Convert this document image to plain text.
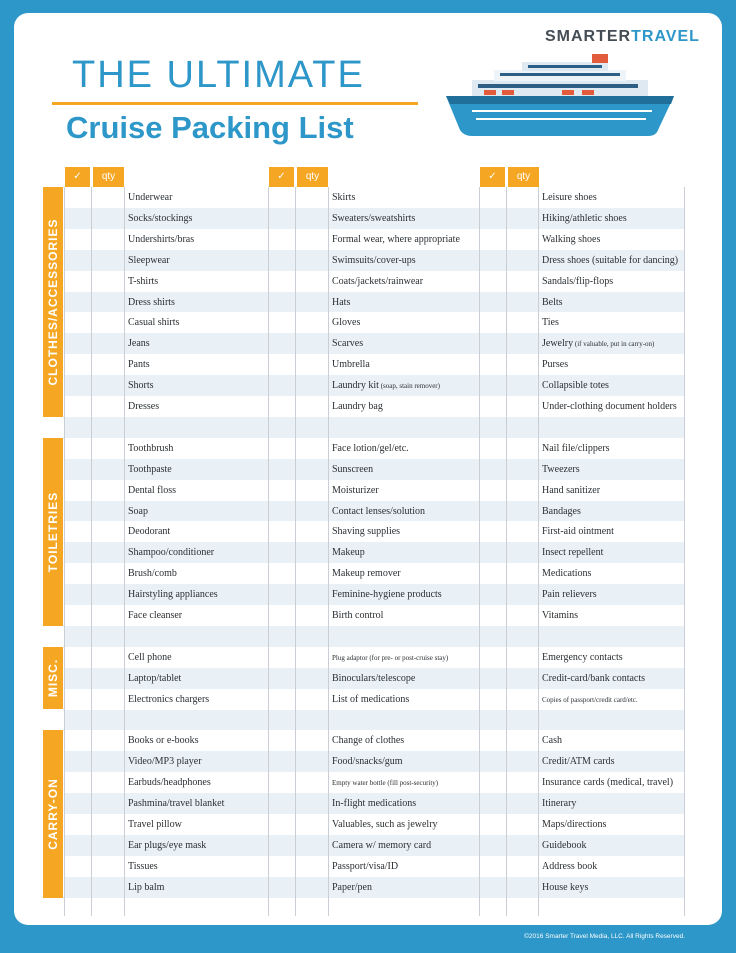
SMARTERTRAVEL
THE ULTIMATE
Cruise Packing List
✓	qty	✓	qty	✓	qty
Underwear	Skirts	Leisure shoes
Socks/stockings	Sweaters/sweatshirts	Hiking/athletic shoes
Undershirts/bras	Formal wear, where appropriate	Walking shoes
Sleepwear	Swimsuits/cover-ups	Dress shoes (suitable for dancing)
T-shirts	Coats/jackets/rainwear	Sandals/flip-flops
Dress shirts	Hats	Belts
Casual shirts	Gloves	Ties
Jeans	Scarves	Jewelry (if valuable, put in carry-on)
Pants	Umbrella	Purses
Shorts	Laundry kit (soap, stain remover)	Collapsible totes
Dresses	Laundry bag	Under-clothing document holders
Toothbrush	Face lotion/gel/etc.	Nail file/clippers
Toothpaste	Sunscreen	Tweezers
Dental floss	Moisturizer	Hand sanitizer
Soap	Contact lenses/solution	Bandages
Deodorant	Shaving supplies	First-aid ointment
Shampoo/conditioner	Makeup	Insect repellent
Brush/comb	Makeup remover	Medications
Hairstyling appliances	Feminine-hygiene products	Pain relievers
Face cleanser	Birth control	Vitamins
Cell phone	Plug adaptor (for pre- or post-cruise stay)	Emergency contacts
Laptop/tablet	Binoculars/telescope	Credit-card/bank contacts
Electronics chargers	List of medications	Copies of passport/credit card/etc.
Books or e-books	Change of clothes	Cash
Video/MP3 player	Food/snacks/gum	Credit/ATM cards
Earbuds/headphones	Empty water bottle (fill post-security)	Insurance cards (medical, travel)
Pashmina/travel blanket	In-flight medications	Itinerary
Travel pillow	Valuables, such as jewelry	Maps/directions
Ear plugs/eye mask	Camera w/ memory card	Guidebook
Tissues	Passport/visa/ID	Address book
Lip balm	Paper/pen	House keys
CLOTHES/ACCESSORIES
TOILETRIES
MISC.
CARRY-ON
©2016 Smarter Travel Media, LLC. All Rights Reserved.
